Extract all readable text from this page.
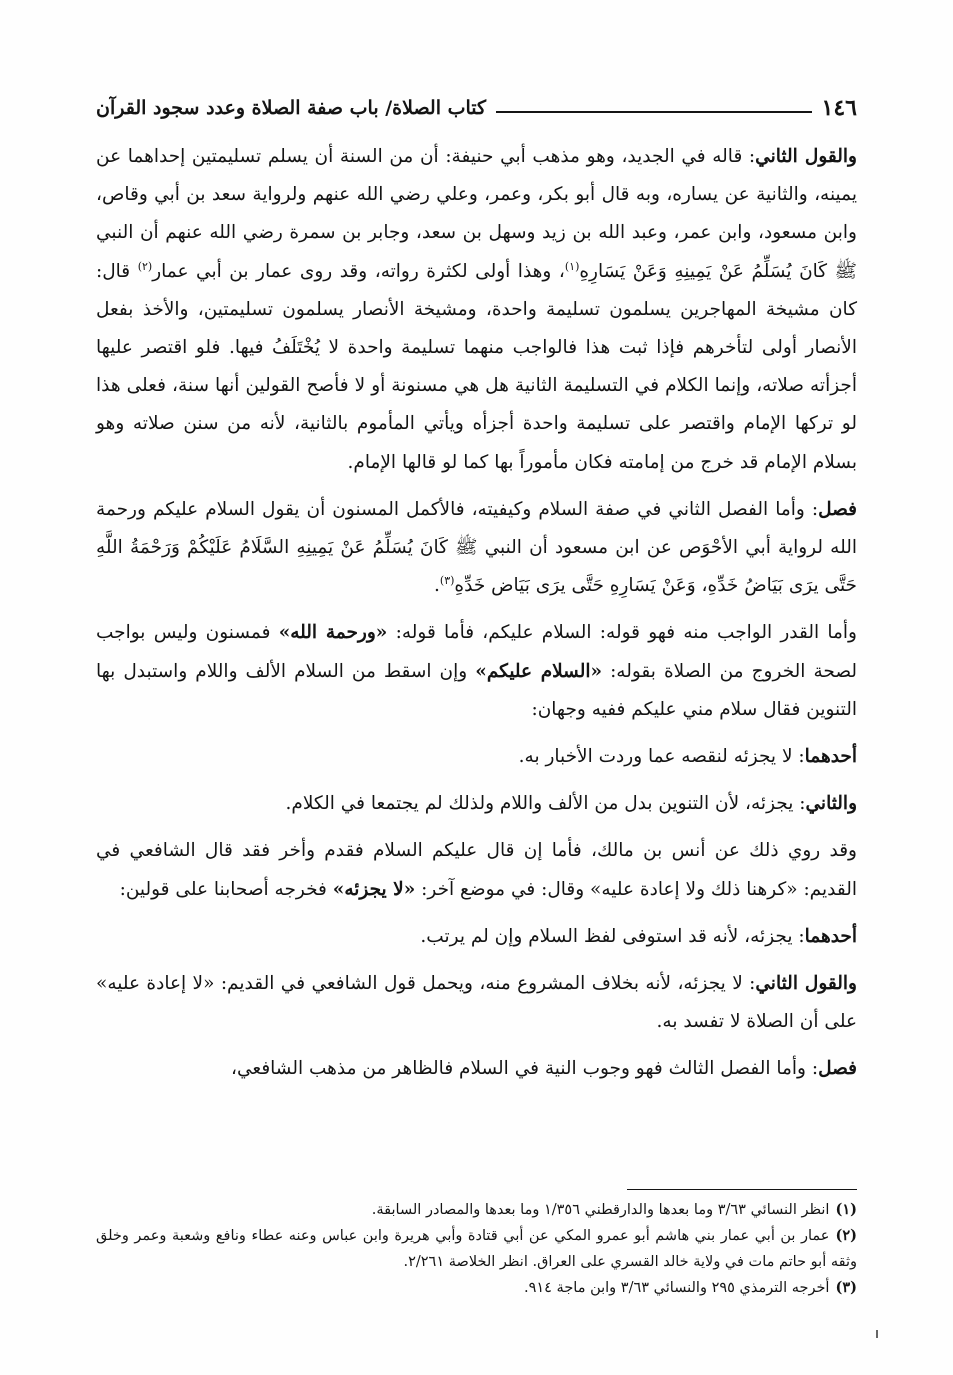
١٤٦
كتاب الصلاة/ باب صفة الصلاة وعدد سجود القرآن

والقول الثاني: قاله في الجديد، وهو مذهب أبي حنيفة: أن من السنة أن يسلم تسليمتين إحداهما عن يمينه، والثانية عن يساره، وبه قال أبو بكر، وعمر، وعلي رضي الله عنهم ولرواية سعد بن أبي وقاص، وابن مسعود، وابن عمر، وعبد الله بن زيد وسهل بن سعد، وجابر بن سمرة رضي الله عنهم أن النبي ﷺ كَانَ يُسَلِّمُ عَنْ يَمِينِهِ وَعَنْ يَسَارِهِ$^{(١)}$، وهذا أولى لكثرة رواته، وقد روى عمار بن أبي عمار$^{(٢)}$ قال: كان مشيخة المهاجرين يسلمون تسليمة واحدة، ومشيخة الأنصار يسلمون تسليمتين، والأخذ بفعل الأنصار أولى لتأخرهم فإذا ثبت هذا فالواجب منهما تسليمة واحدة لا يُخْتَلَفُ فيها. فلو اقتصر عليها أجزأته صلاته، وإنما الكلام في التسليمة الثانية هل هي مسنونة أو لا فأصح القولين أنها سنة، فعلى هذا لو تركها الإمام واقتصر على تسليمة واحدة أجزأه ويأتي المأموم بالثانية، لأنه من سنن صلاته وهو بسلام الإمام قد خرج من إمامته فكان مأموراً بها كما لو قالها الإمام.

فصل: وأما الفصل الثاني في صفة السلام وكيفيته، فالأكمل المسنون أن يقول السلام عليكم ورحمة الله لرواية أبي الأحْوَص عن ابن مسعود أن النبي ﷺ كَانَ يُسَلِّمُ عَنْ يَمِينِهِ السَّلَامُ عَلَيْكُمْ وَرَحْمَةُ اللَّهِ حَتَّى يرَى بَيَاضُ خَدِّهِ، وَعَنْ يَسَارِهِ حَتَّى يرَى بَيَاض خَدِّهِ$^{(٣)}$.

وأما القدر الواجب منه فهو قوله: السلام عليكم، فأما قوله: «ورحمة الله» فمسنون وليس بواجب لصحة الخروج من الصلاة بقوله: «السلام عليكم» وإن اسقط من السلام الألف واللام واستبدل بها التنوين فقال سلام مني عليكم ففيه وجهان:

أحدهما: لا يجزئه لنقصه عما وردت الأخبار به.

والثاني: يجزئه، لأن التنوين بدل من الألف واللام ولذلك لم يجتمعا في الكلام.

وقد روي ذلك عن أنس بن مالك، فأما إن قال عليكم السلام فقدم وأخر فقد قال الشافعي في القديم: «كرهنا ذلك ولا إعادة عليه» وقال: في موضع آخر: «لا يجزئه» فخرجه أصحابنا على قولين:

أحدهما: يجزئه، لأنه قد استوفى لفظ السلام وإن لم يرتب.

والقول الثاني: لا يجزئه، لأنه بخلاف المشروع منه، ويحمل قول الشافعي في القديم: «لا إعادة عليه» على أن الصلاة لا تفسد به.

فصل: وأما الفصل الثالث فهو وجوب النية في السلام فالظاهر من مذهب الشافعي،

(١)انظر النسائي ٣/٦٣ وما بعدها والدارقطني ١/٣٥٦ وما بعدها والمصادر السابقة.

(٢)عمار بن أبي عمار بني هاشم أبو عمرو المكي عن أبي قتادة وأبي هريرة وابن عباس وعنه عطاء ونافع وشعبة وعمر وخلق وثقه أبو حاتم مات في ولاية خالد القسري على العراق. انظر الخلاصة ٢/٢٦١.

(٣)أخرجه الترمذي ٢٩٥ والنسائي ٣/٦٣ وابن ماجة ٩١٤.
